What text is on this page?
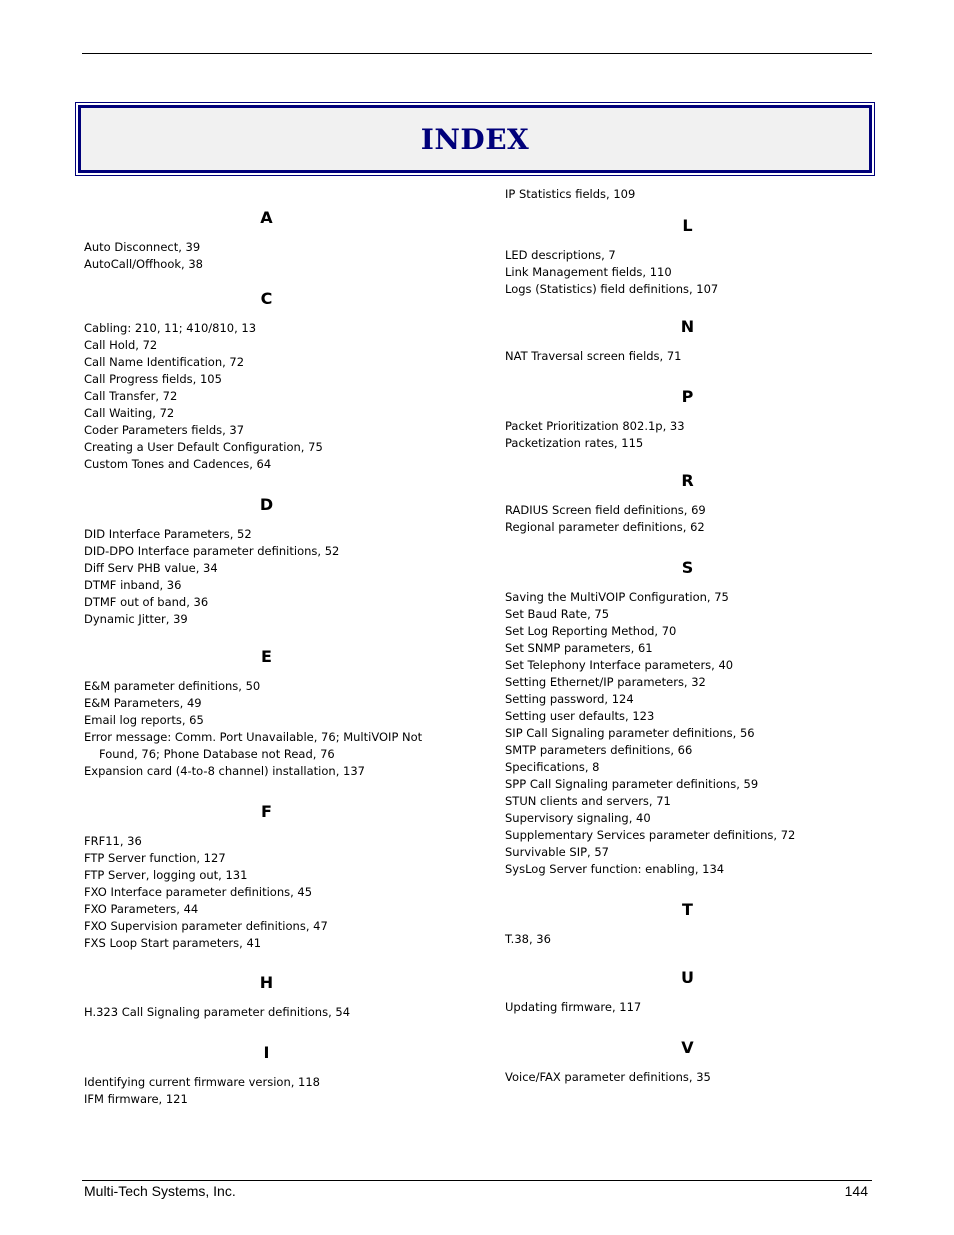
INDEX
A
Auto Disconnect, 39
AutoCall/Offhook, 38
C
Cabling: 210, 11; 410/810, 13
Call Hold, 72
Call Name Identification, 72
Call Progress fields, 105
Call Transfer, 72
Call Waiting, 72
Coder Parameters fields, 37
Creating a User Default Configuration, 75
Custom Tones and Cadences, 64
D
DID Interface Parameters, 52
DID-DPO Interface parameter definitions, 52
Diff Serv PHB value, 34
DTMF inband, 36
DTMF out of band, 36
Dynamic Jitter, 39
E
E&M parameter definitions, 50
E&M Parameters, 49
Email log reports, 65
Error message: Comm. Port Unavailable, 76; MultiVOIP Not Found, 76; Phone Database not Read, 76
Expansion card (4-to-8 channel) installation, 137
F
FRF11, 36
FTP Server function, 127
FTP Server, logging out, 131
FXO Interface parameter definitions, 45
FXO Parameters, 44
FXO Supervision parameter definitions, 47
FXS Loop Start parameters, 41
H
H.323 Call Signaling parameter definitions, 54
I
Identifying current firmware version, 118
IFM firmware, 121
IP Statistics fields, 109
L
LED descriptions, 7
Link Management fields, 110
Logs (Statistics) field definitions, 107
N
NAT Traversal screen fields, 71
P
Packet Prioritization 802.1p, 33
Packetization rates, 115
R
RADIUS Screen field definitions, 69
Regional parameter definitions, 62
S
Saving the MultiVOIP Configuration, 75
Set Baud Rate, 75
Set Log Reporting Method, 70
Set SNMP parameters, 61
Set Telephony Interface parameters, 40
Setting Ethernet/IP parameters, 32
Setting password, 124
Setting user defaults, 123
SIP Call Signaling parameter definitions, 56
SMTP parameters definitions, 66
Specifications, 8
SPP Call Signaling parameter definitions, 59
STUN clients and servers, 71
Supervisory signaling, 40
Supplementary Services parameter definitions, 72
Survivable SIP, 57
SysLog Server function: enabling, 134
T
T.38, 36
U
Updating firmware, 117
V
Voice/FAX parameter definitions, 35
Multi-Tech Systems, Inc.	144
